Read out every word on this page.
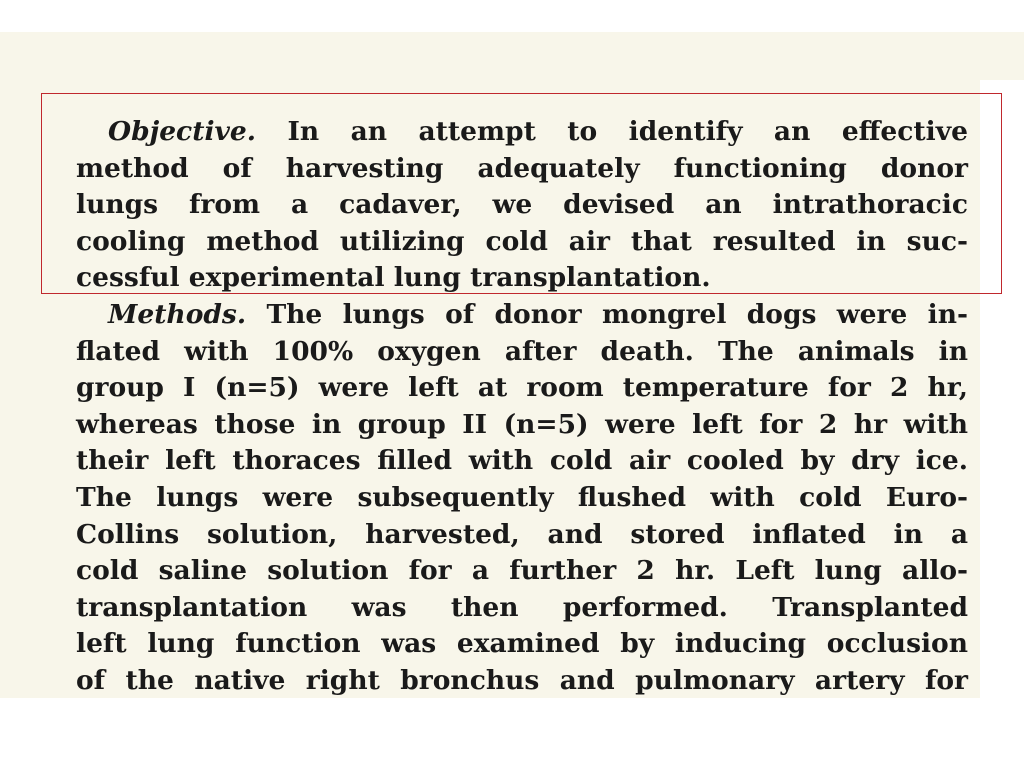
Objective. In an attempt to identify an effective
method of harvesting adequately functioning donor
lungs from a cadaver, we devised an intrathoracic
cooling method utilizing cold air that resulted in suc-
cessful experimental lung transplantation.
Methods. The lungs of donor mongrel dogs were in-
flated with 100% oxygen after death. The animals in
group I (n=5) were left at room temperature for 2 hr,
whereas those in group II (n=5) were left for 2 hr with
their left thoraces filled with cold air cooled by dry ice.
The lungs were subsequently flushed with cold Euro-
Collins solution, harvested, and stored inflated in a
cold saline solution for a further 2 hr. Left lung allo-
transplantation was then performed. Transplanted
left lung function was examined by inducing occlusion
of the native right bronchus and pulmonary artery for
